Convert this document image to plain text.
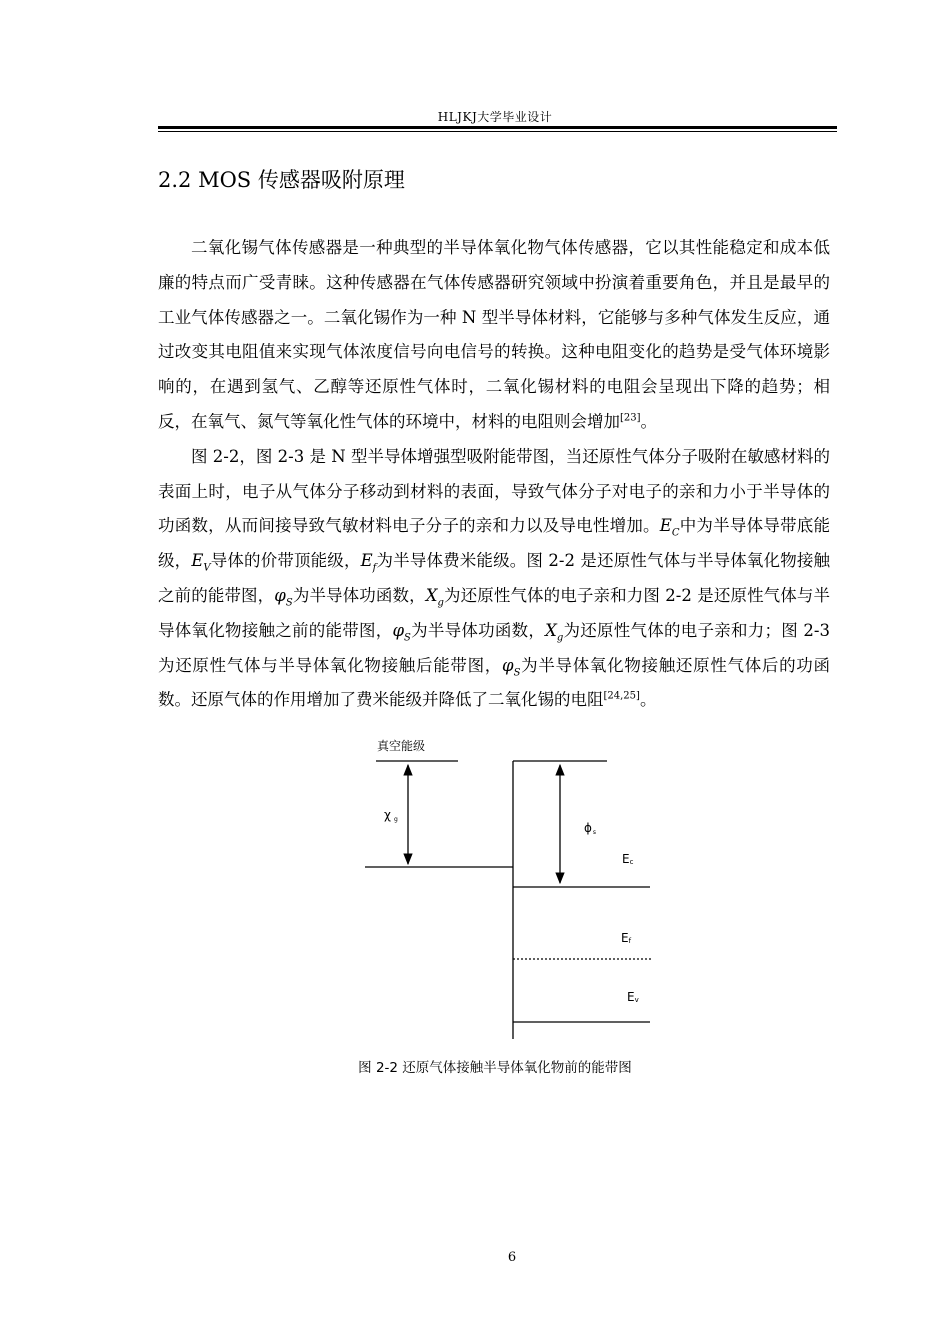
HLJKJ大学毕业设计
2.2 MOS 传感器吸附原理

二氧化锡气体传感器是一种典型的半导体氧化物气体传感器，它以其性能稳定和成本低廉的特点而广受青睐。这种传感器在气体传感器研究领域中扮演着重要角色，并且是最早的工业气体传感器之一。二氧化锡作为一种 N 型半导体材料，它能够与多种气体发生反应，通过改变其电阻值来实现气体浓度信号向电信号的转换。这种电阻变化的趋势是受气体环境影响的，在遇到氢气、乙醇等还原性气体时，二氧化锡材料的电阻会呈现出下降的趋势；相反，在氧气、氮气等氧化性气体的环境中，材料的电阻则会增加[23]。

图 2-2，图 2-3 是 N 型半导体增强型吸附能带图，当还原性气体分子吸附在敏感材料的表面上时，电子从气体分子移动到材料的表面，导致气体分子对电子的亲和力小于半导体的功函数，从而间接导致气敏材料电子分子的亲和力以及导电性增加。$E_C$中为半导体导带底能级，$E_V$导体的价带顶能级，$E_f$为半导体费米能级。图 2-2 是还原性气体与半导体氧化物接触之前的能带图，$\varphi_S$为半导体功函数，$X_g$为还原性气体的电子亲和力图 2-2 是还原性气体与半导体氧化物接触之前的能带图，$\varphi_S$为半导体功函数，$X_g$为还原性气体的电子亲和力；图 2-3 为还原性气体与半导体氧化物接触后能带图，$\varphi_S$为半导体氧化物接触还原性气体后的功函数。还原气体的作用增加了费米能级并降低了二氧化锡的电阻[24,25]。

真空能级
χg
ϕs
Ec
Ef
Ev
图 2-2 还原气体接触半导体氧化物前的能带图
6
